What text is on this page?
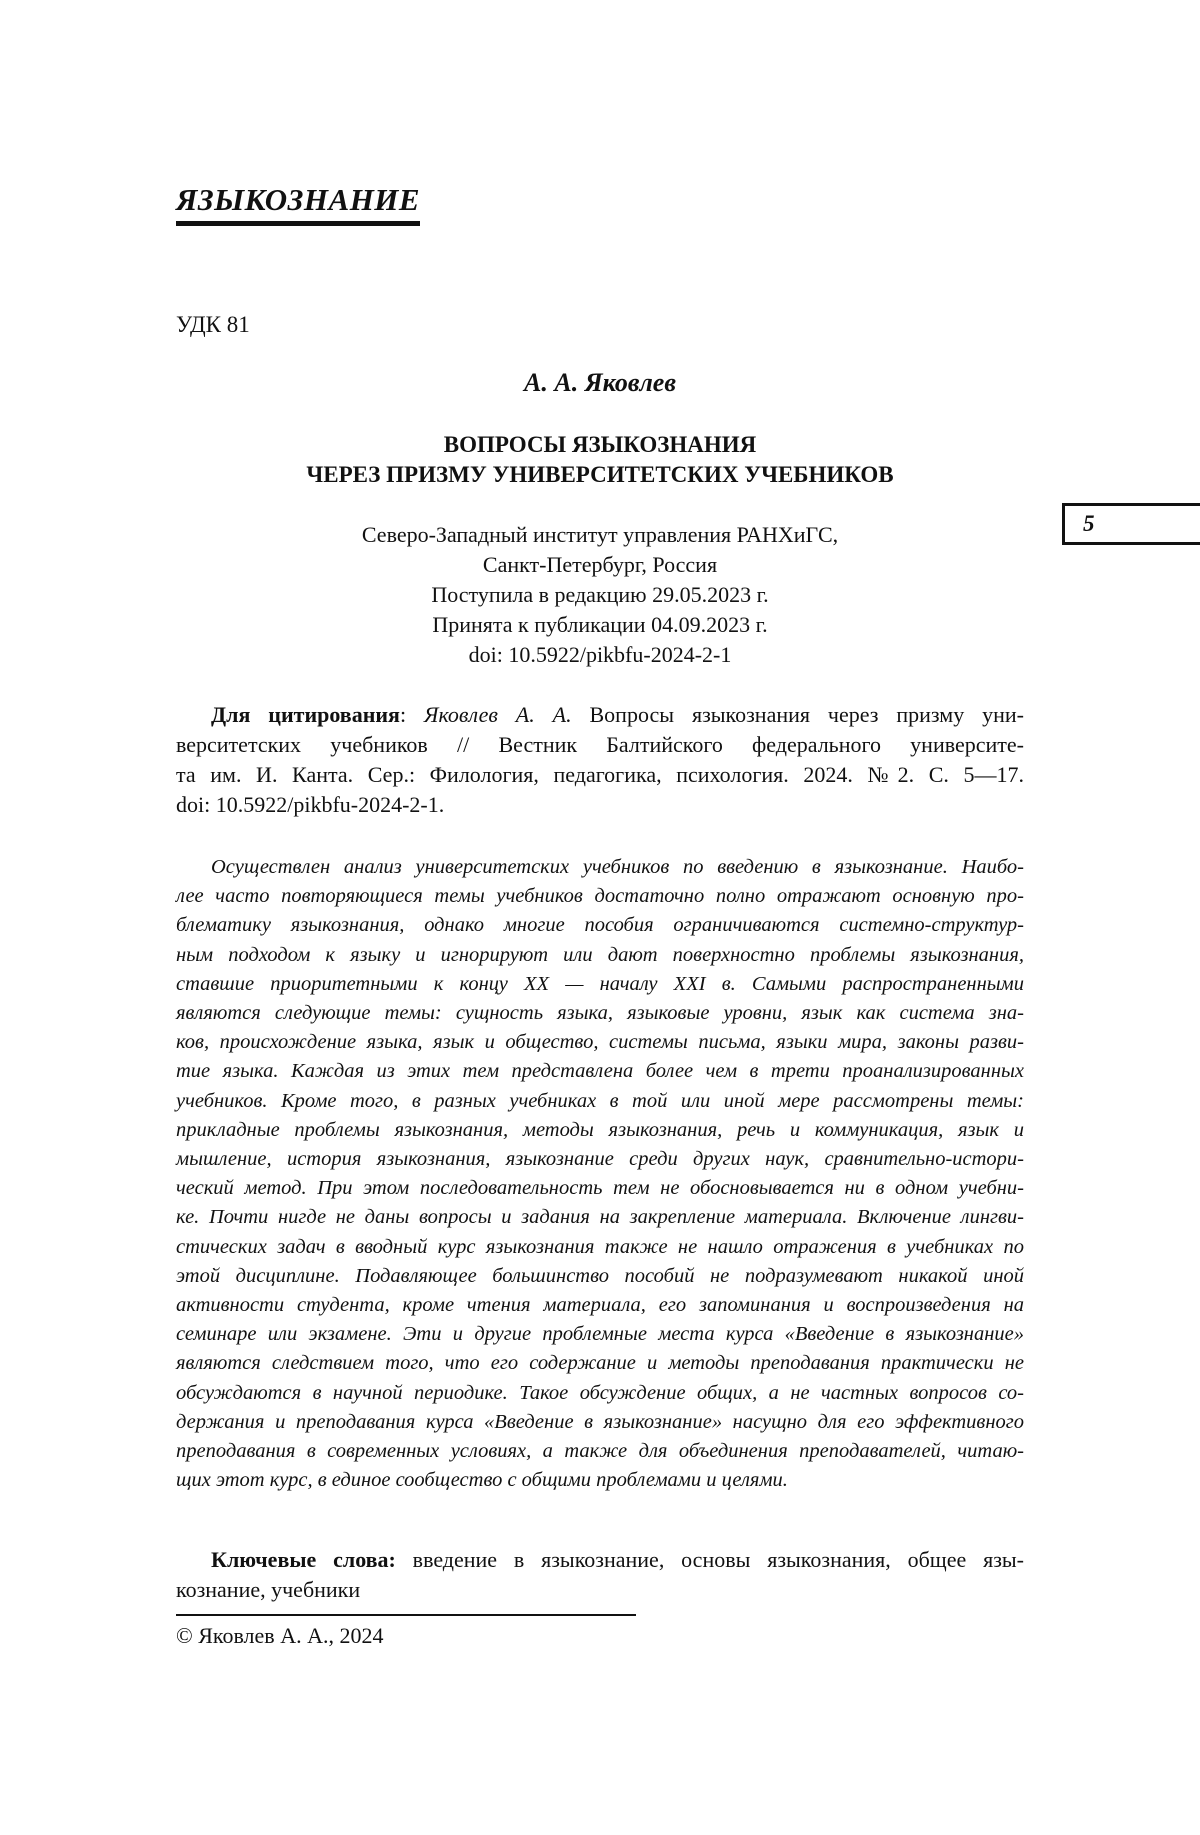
ЯЗЫКОЗНАНИЕ
УДК 81
А. А. Яковлев
ВОПРОСЫ ЯЗЫКОЗНАНИЯ
ЧЕРЕЗ ПРИЗМУ УНИВЕРСИТЕТСКИХ УЧЕБНИКОВ
5
Северо-Западный институт управления РАНХиГС,
Санкт-Петербург, Россия
Поступила в редакцию 29.05.2023 г.
Принята к публикации 04.09.2023 г.
doi: 10.5922/pikbfu-2024-2-1
Для цитирования: Яковлев А. А. Вопросы языкознания через призму уни-
верситетских учебников // Вестник Балтийского федерального университе-
та им. И. Канта. Сер.: Филология, педагогика, психология. 2024. №2. С. 5—17.
doi: 10.5922/pikbfu-2024-2-1.
Осуществлен анализ университетских учебников по введению в языкознание. Наибо-
лее часто повторяющиеся темы учебников достаточно полно отражают основную про-
блематику языкознания, однако многие пособия ограничиваются системно-структур-
ным подходом к языку и игнорируют или дают поверхностно проблемы языкознания,
ставшие приоритетными к концу XX — началу XXI в. Самыми распространенными
являются следующие темы: сущность языка, языковые уровни, язык как система зна-
ков, происхождение языка, язык и общество, системы письма, языки мира, законы разви-
тие языка. Каждая из этих тем представлена более чем в трети проанализированных
учебников. Кроме того, в разных учебниках в той или иной мере рассмотрены темы:
прикладные проблемы языкознания, методы языкознания, речь и коммуникация, язык и
мышление, история языкознания, языкознание среди других наук, сравнительно-истори-
ческий метод. При этом последовательность тем не обосновывается ни в одном учебни-
ке. Почти нигде не даны вопросы и задания на закрепление материала. Включение лингви-
стических задач в вводный курс языкознания также не нашло отражения в учебниках по
этой дисциплине. Подавляющее большинство пособий не подразумевают никакой иной
активности студента, кроме чтения материала, его запоминания и воспроизведения на
семинаре или экзамене. Эти и другие проблемные места курса «Введение в языкознание»
являются следствием того, что его содержание и методы преподавания практически не
обсуждаются в научной периодике. Такое обсуждение общих, а не частных вопросов со-
держания и преподавания курса «Введение в языкознание» насущно для его эффективного
преподавания в современных условиях, а также для объединения преподавателей, читаю-
щих этот курс, в единое сообщество с общими проблемами и целями.
Ключевые слова: введение в языкознание, основы языкознания, общее язы-
кознание, учебники
© Яковлев А. А., 2024
